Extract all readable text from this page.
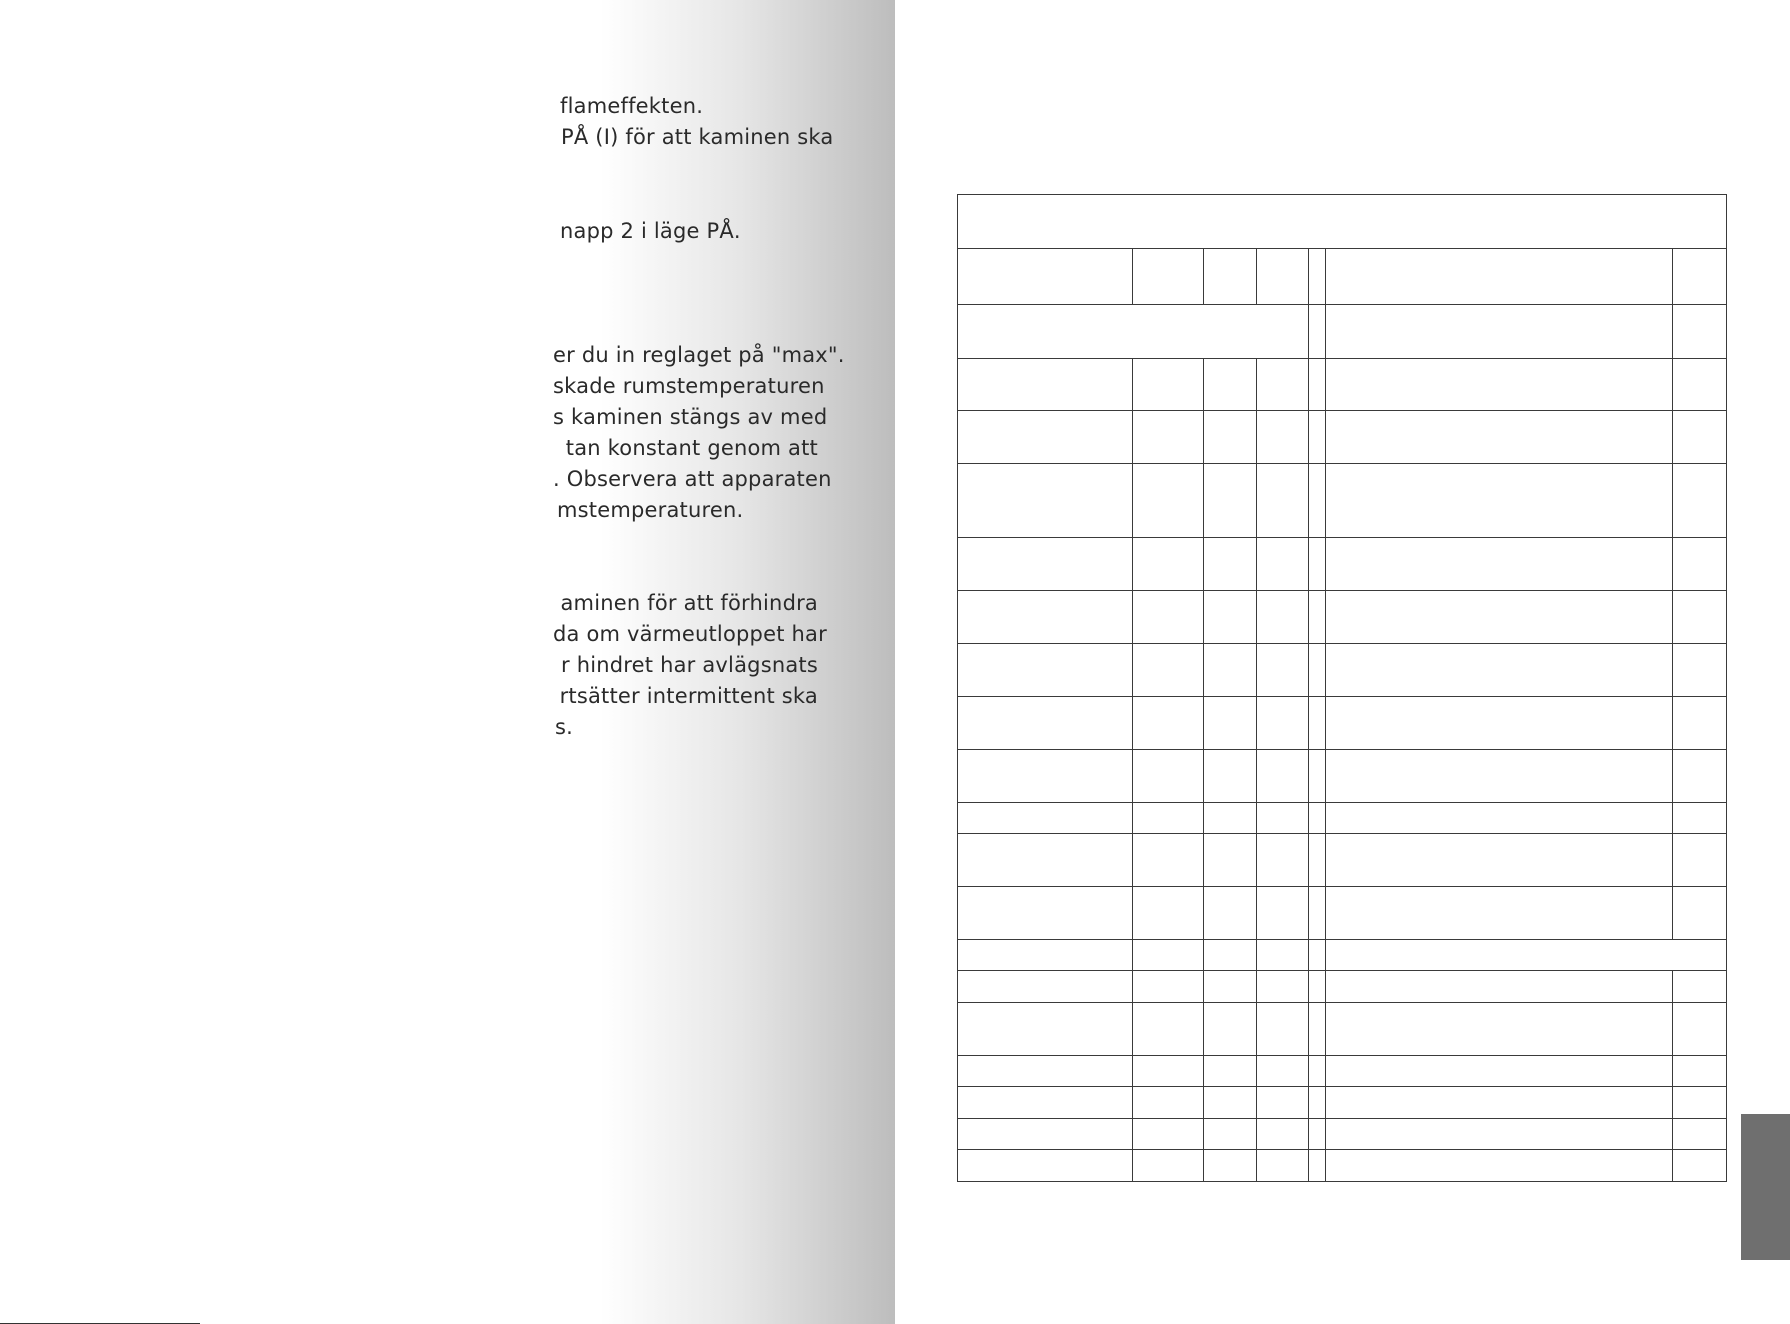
flameffekten.

PÅ (I) för att kaminen ska

napp 2 i läge PÅ.

er du in reglaget på "max".

skade rumstemperaturen

s kaminen stängs av med

tan konstant genom att

. Observera att apparaten

mstemperaturen.

aminen för att förhindra

da om värmeutloppet har

r hindret har avlägsnats

rtsätter intermittent ska

s.
